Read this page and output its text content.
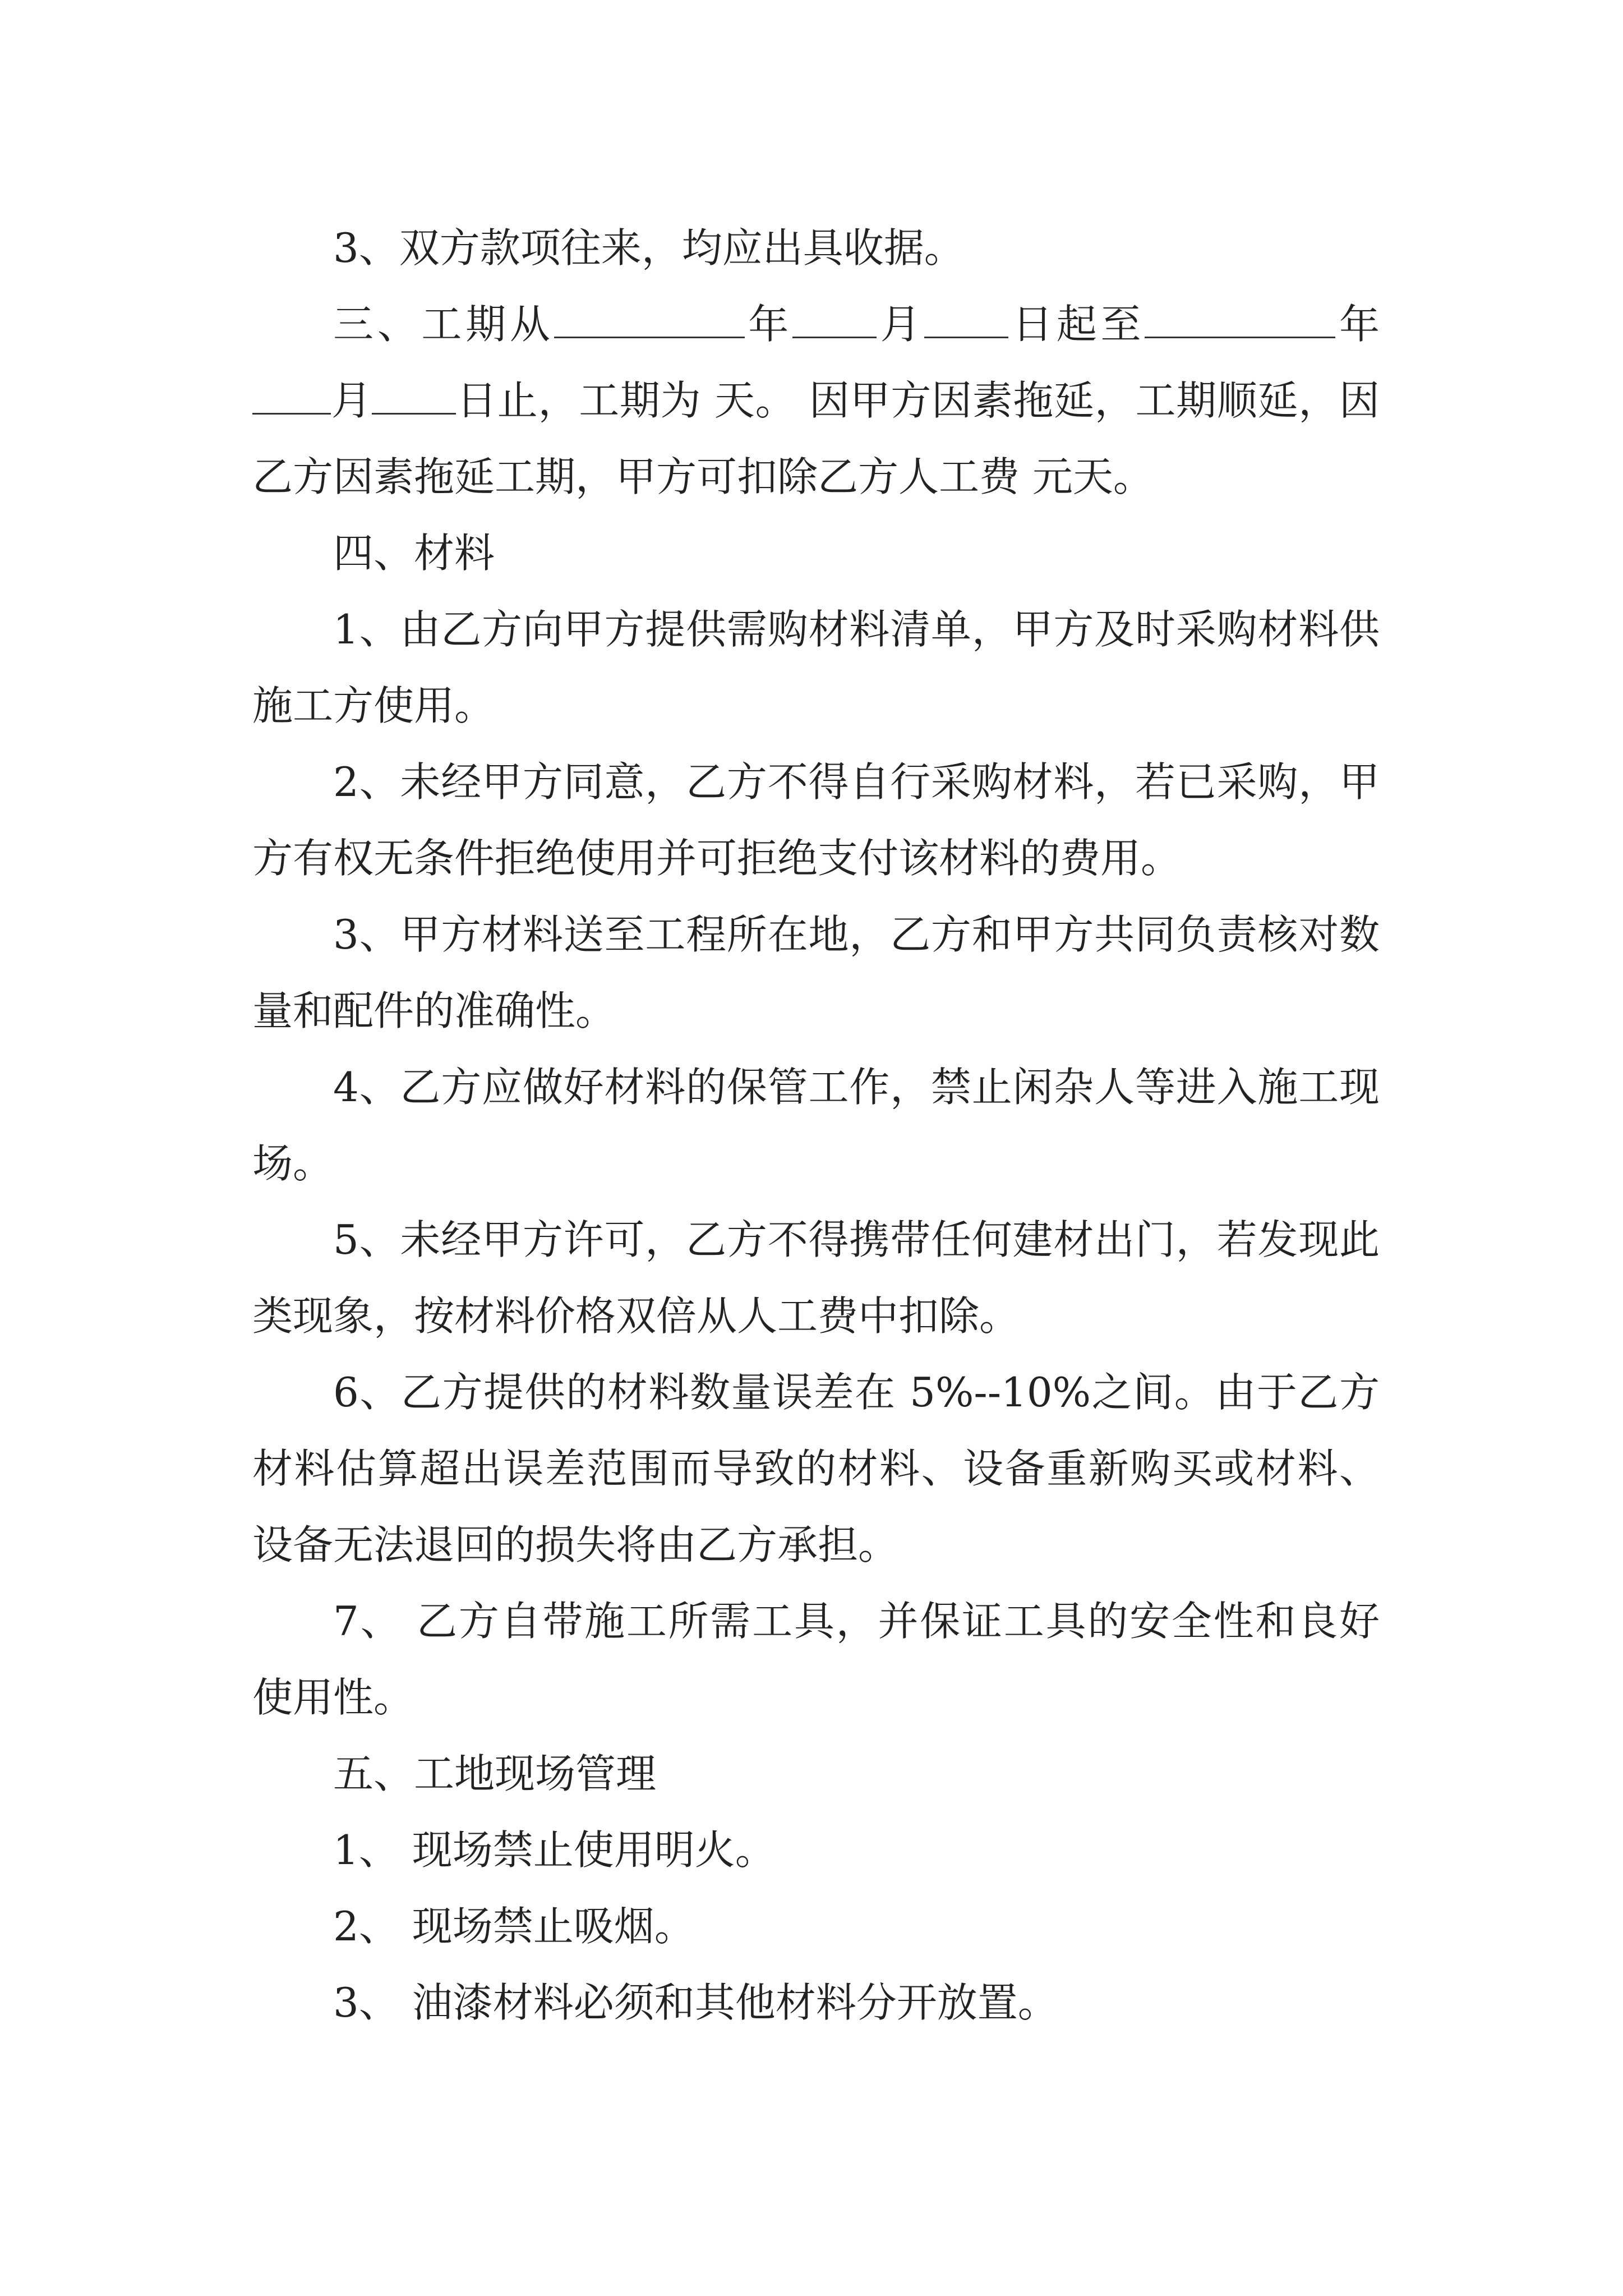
3、双方款项往来，均应出具收据。

三、工期从	年 月 日起至	年月 日止，工期为 天。 因甲方因素拖延，工期顺延，因乙方因素拖延工期，甲方可扣除乙方人工费 元天。

四、材料

1、由乙方向甲方提供需购材料清单，甲方及时采购材料供施工方使用。

2、未经甲方同意，乙方不得自行采购材料，若已采购，甲方有权无条件拒绝使用并可拒绝支付该材料的费用。

3、甲方材料送至工程所在地，乙方和甲方共同负责核对数量和配件的准确性。

4、乙方应做好材料的保管工作，禁止闲杂人等进入施工现场。

5、未经甲方许可，乙方不得携带任何建材出门，若发现此类现象，按材料价格双倍从人工费中扣除。

6、乙方提供的材料数量误差在 5%--10%之间。由于乙方材料估算超出误差范围而导致的材料、设备重新购买或材料、设备无法退回的损失将由乙方承担。

7、 乙方自带施工所需工具，并保证工具的安全性和良好使用性。

五、工地现场管理

1、 现场禁止使用明火。

2、 现场禁止吸烟。

3、 油漆材料必须和其他材料分开放置。
